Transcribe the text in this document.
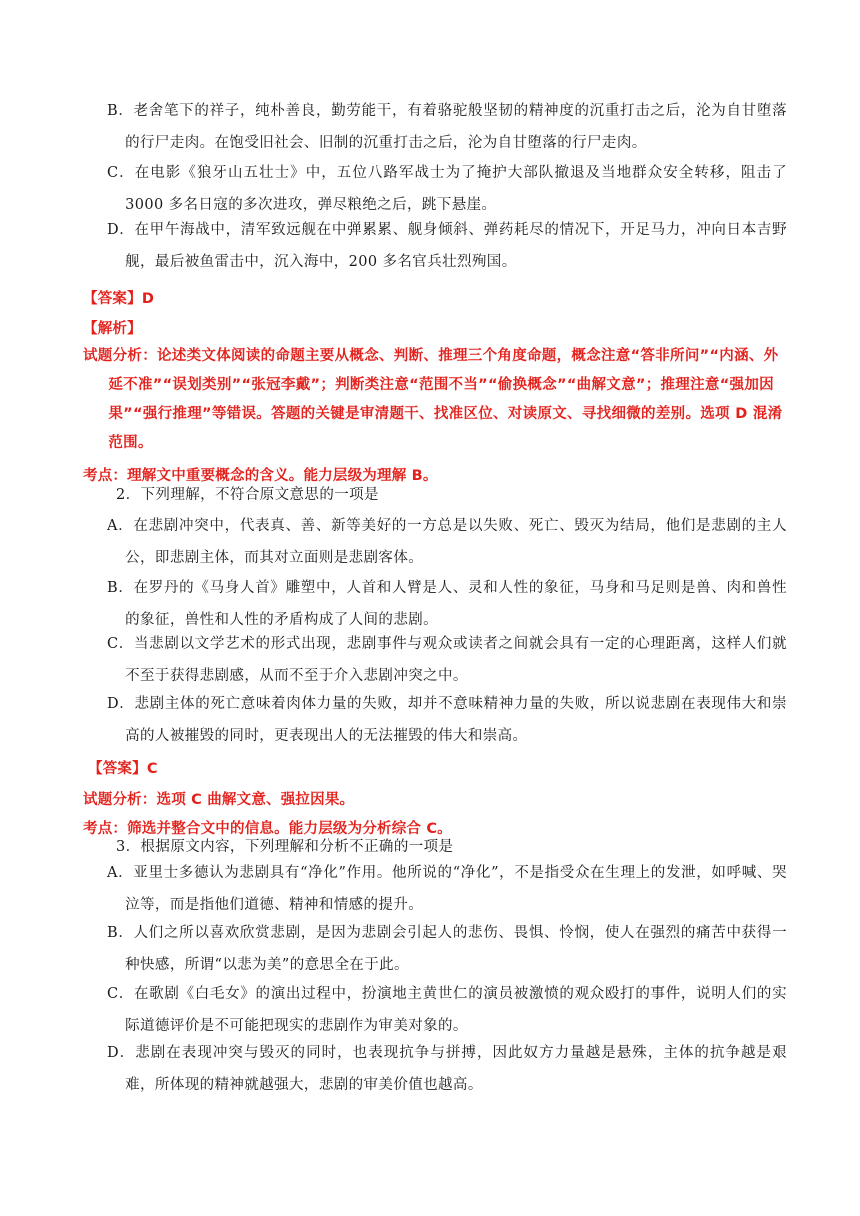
B．老舍笔下的祥子，纯朴善良，勤劳能干，有着骆驼般坚韧的精神度的沉重打击之后，沦为自甘堕落的行尸走肉。在饱受旧社会、旧制的沉重打击之后，沦为自甘堕落的行尸走肉。
C．在电影《狼牙山五壮士》中，五位八路军战士为了掩护大部队撤退及当地群众安全转移，阻击了 3000 多名日寇的多次进攻，弹尽粮绝之后，跳下悬崖。
D．在甲午海战中，清军致远舰在中弹累累、舰身倾斜、弹药耗尽的情况下，开足马力，冲向日本吉野舰，最后被鱼雷击中，沉入海中，200 多名官兵壮烈殉国。
【答案】D
【解析】
试题分析：论述类文体阅读的命题主要从概念、判断、推理三个角度命题，概念注意“答非所问”“内涵、外延不准”“误划类别”“张冠李戴”；判断类注意“范围不当”“偷换概念”“曲解文意”；推理注意“强加因果”“强行推理”等错误。答题的关键是审清题干、找准区位、对读原文、寻找细微的差别。选项 D 混淆范围。
考点：理解文中重要概念的含义。能力层级为理解 B。
2．下列理解，不符合原文意思的一项是
A．在悲剧冲突中，代表真、善、新等美好的一方总是以失败、死亡、毁灭为结局，他们是悲剧的主人公，即悲剧主体，而其对立面则是悲剧客体。
B．在罗丹的《马身人首》雕塑中，人首和人臂是人、灵和人性的象征，马身和马足则是兽、肉和兽性的象征，兽性和人性的矛盾构成了人间的悲剧。
C．当悲剧以文学艺术的形式出现，悲剧事件与观众或读者之间就会具有一定的心理距离，这样人们就不至于获得悲剧感，从而不至于介入悲剧冲突之中。
D．悲剧主体的死亡意味着肉体力量的失败，却并不意味精神力量的失败，所以说悲剧在表现伟大和崇高的人被摧毁的同时，更表现出人的无法摧毁的伟大和崇高。
【答案】C
试题分析：选项 C 曲解文意、强拉因果。
考点：筛选并整合文中的信息。能力层级为分析综合 C。
3．根据原文内容，下列理解和分析不正确的一项是
A．亚里士多德认为悲剧具有“净化”作用。他所说的“净化”，不是指受众在生理上的发泄，如呼喊、哭泣等，而是指他们道德、精神和情感的提升。
B．人们之所以喜欢欣赏悲剧，是因为悲剧会引起人的悲伤、畏惧、怜悯，使人在强烈的痛苦中获得一种快感，所谓“以悲为美”的意思全在于此。
C．在歌剧《白毛女》的演出过程中，扮演地主黄世仁的演员被激愤的观众殴打的事件，说明人们的实际道德评价是不可能把现实的悲剧作为审美对象的。
D．悲剧在表现冲突与毁灭的同时，也表现抗争与拼搏，因此奴方力量越是悬殊，主体的抗争越是艰难，所体现的精神就越强大，悲剧的审美价值也越高。
